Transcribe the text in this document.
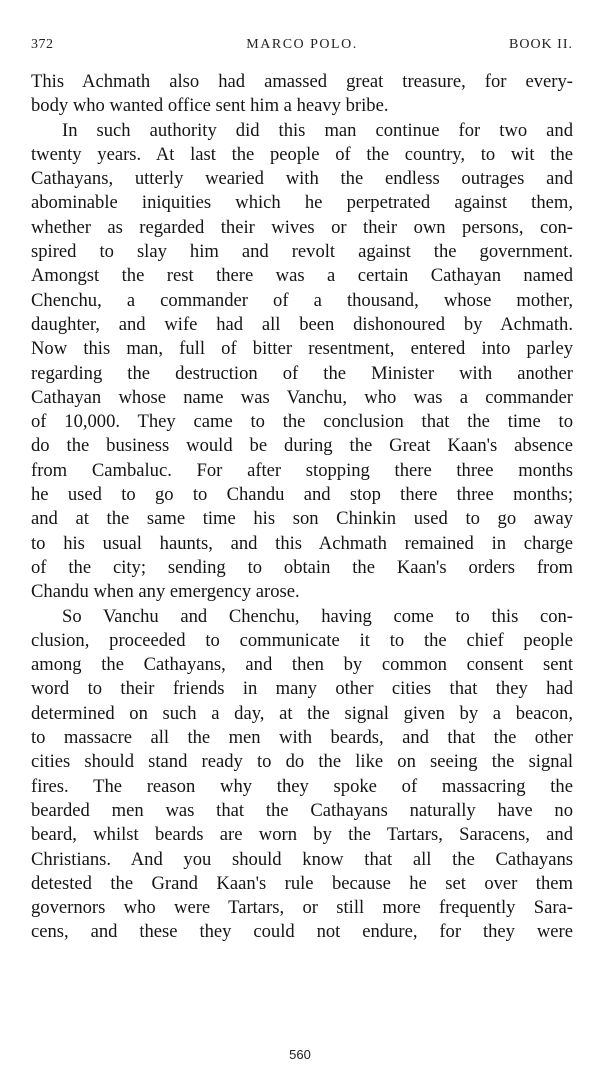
372	MARCO POLO.	BOOK II.
This Achmath also had amassed great treasure, for every-
body who wanted office sent him a heavy bribe.
In such authority did this man continue for two and
twenty years. At last the people of the country, to wit the
Cathayans, utterly wearied with the endless outrages and
abominable iniquities which he perpetrated against them,
whether as regarded their wives or their own persons, con-
spired to slay him and revolt against the government.
Amongst the rest there was a certain Cathayan named
Chenchu, a commander of a thousand, whose mother,
daughter, and wife had all been dishonoured by Achmath.
Now this man, full of bitter resentment, entered into parley
regarding the destruction of the Minister with another
Cathayan whose name was Vanchu, who was a commander
of 10,000. They came to the conclusion that the time to
do the business would be during the Great Kaan's absence
from Cambaluc. For after stopping there three months
he used to go to Chandu and stop there three months;
and at the same time his son Chinkin used to go away
to his usual haunts, and this Achmath remained in charge
of the city; sending to obtain the Kaan's orders from
Chandu when any emergency arose.
So Vanchu and Chenchu, having come to this con-
clusion, proceeded to communicate it to the chief people
among the Cathayans, and then by common consent sent
word to their friends in many other cities that they had
determined on such a day, at the signal given by a beacon,
to massacre all the men with beards, and that the other
cities should stand ready to do the like on seeing the signal
fires. The reason why they spoke of massacring the
bearded men was that the Cathayans naturally have no
beard, whilst beards are worn by the Tartars, Saracens, and
Christians. And you should know that all the Cathayans
detested the Grand Kaan's rule because he set over them
governors who were Tartars, or still more frequently Sara-
cens, and these they could not endure, for they were
560
